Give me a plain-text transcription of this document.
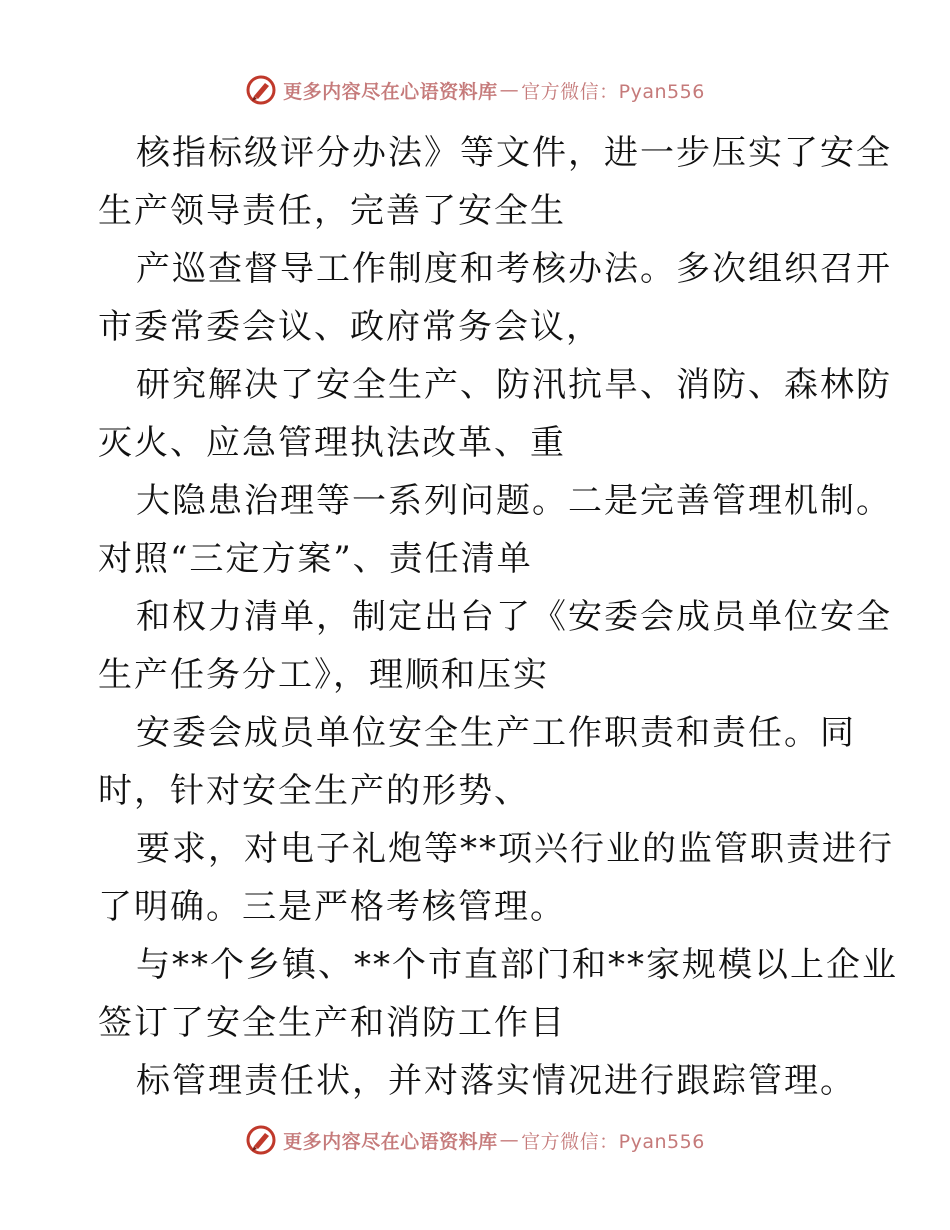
更多内容尽在心语资料库 — 官方微信：Pyan556
核指标级评分办法》等文件，进一步压实了安全
生产领导责任，完善了安全生
产巡查督导工作制度和考核办法。多次组织召开
市委常委会议、政府常务会议，
研究解决了安全生产、防汛抗旱、消防、森林防
灭火、应急管理执法改革、重
大隐患治理等一系列问题。二是完善管理机制。
对照“三定方案”、责任清单
和权力清单，制定出台了《安委会成员单位安全
生产任务分工》，理顺和压实
安委会成员单位安全生产工作职责和责任。同
时，针对安全生产的形势、
要求，对电子礼炮等**项兴行业的监管职责进行
了明确。三是严格考核管理。
与**个乡镇、**个市直部门和**家规模以上企业
签订了安全生产和消防工作目
标管理责任状，并对落实情况进行跟踪管理。
更多内容尽在心语资料库 — 官方微信：Pyan556
